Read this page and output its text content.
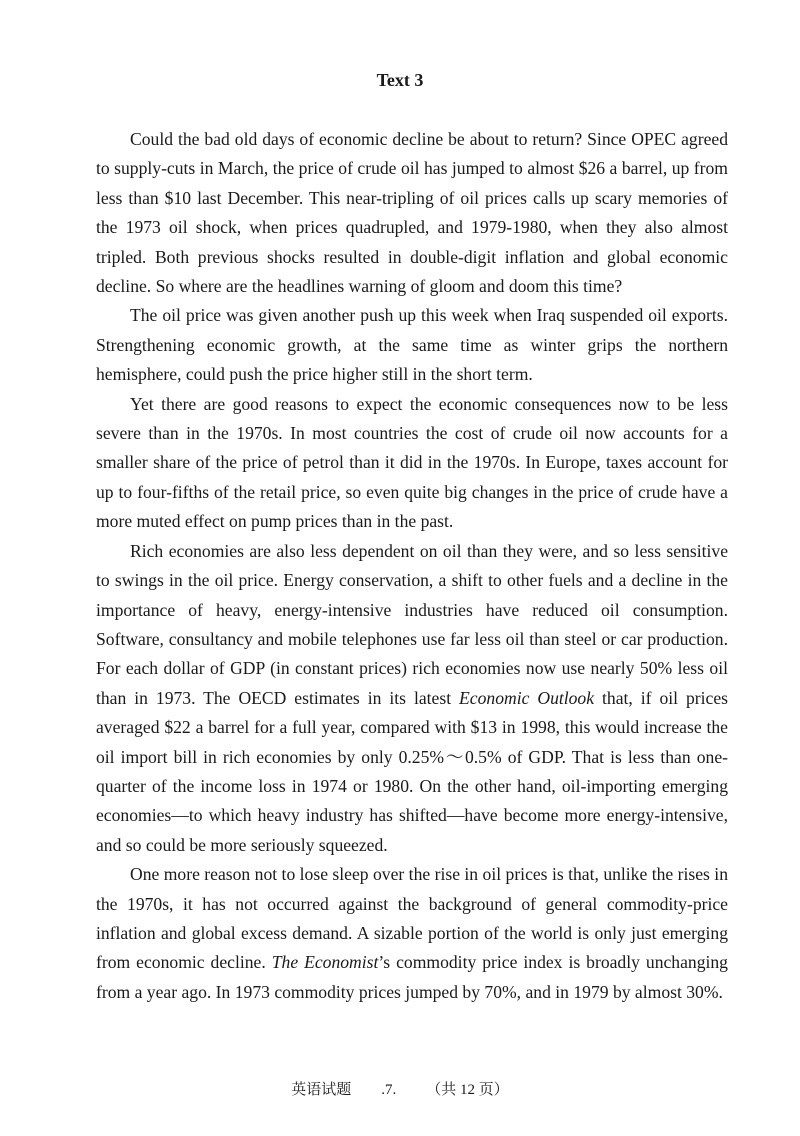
Text 3

Could the bad old days of economic decline be about to return? Since OPEC agreed to supply-cuts in March, the price of crude oil has jumped to almost $26 a barrel, up from less than $10 last December. This near-tripling of oil prices calls up scary memories of the 1973 oil shock, when prices quadrupled, and 1979-1980, when they also almost tripled. Both previous shocks resulted in double-digit inflation and global economic decline. So where are the headlines warning of gloom and doom this time?

The oil price was given another push up this week when Iraq suspended oil exports. Strengthening economic growth, at the same time as winter grips the northern hemisphere, could push the price higher still in the short term.

Yet there are good reasons to expect the economic consequences now to be less severe than in the 1970s. In most countries the cost of crude oil now accounts for a smaller share of the price of petrol than it did in the 1970s. In Europe, taxes account for up to four-fifths of the retail price, so even quite big changes in the price of crude have a more muted effect on pump prices than in the past.

Rich economies are also less dependent on oil than they were, and so less sensitive to swings in the oil price. Energy conservation, a shift to other fuels and a decline in the importance of heavy, energy-intensive industries have reduced oil consumption. Software, consultancy and mobile telephones use far less oil than steel or car production. For each dollar of GDP (in constant prices) rich economies now use nearly 50% less oil than in 1973. The OECD estimates in its latest Economic Outlook that, if oil prices averaged $22 a barrel for a full year, compared with $13 in 1998, this would increase the oil import bill in rich economies by only 0.25%～0.5% of GDP. That is less than one-quarter of the income loss in 1974 or 1980. On the other hand, oil-importing emerging economies—to which heavy industry has shifted—have become more energy-intensive, and so could be more seriously squeezed.

One more reason not to lose sleep over the rise in oil prices is that, unlike the rises in the 1970s, it has not occurred against the background of general commodity-price inflation and global excess demand. A sizable portion of the world is only just emerging from economic decline. The Economist’s commodity price index is broadly unchanging from a year ago. In 1973 commodity prices jumped by 70%, and in 1979 by almost 30%.

英语试题 .7. （共 12 页）
